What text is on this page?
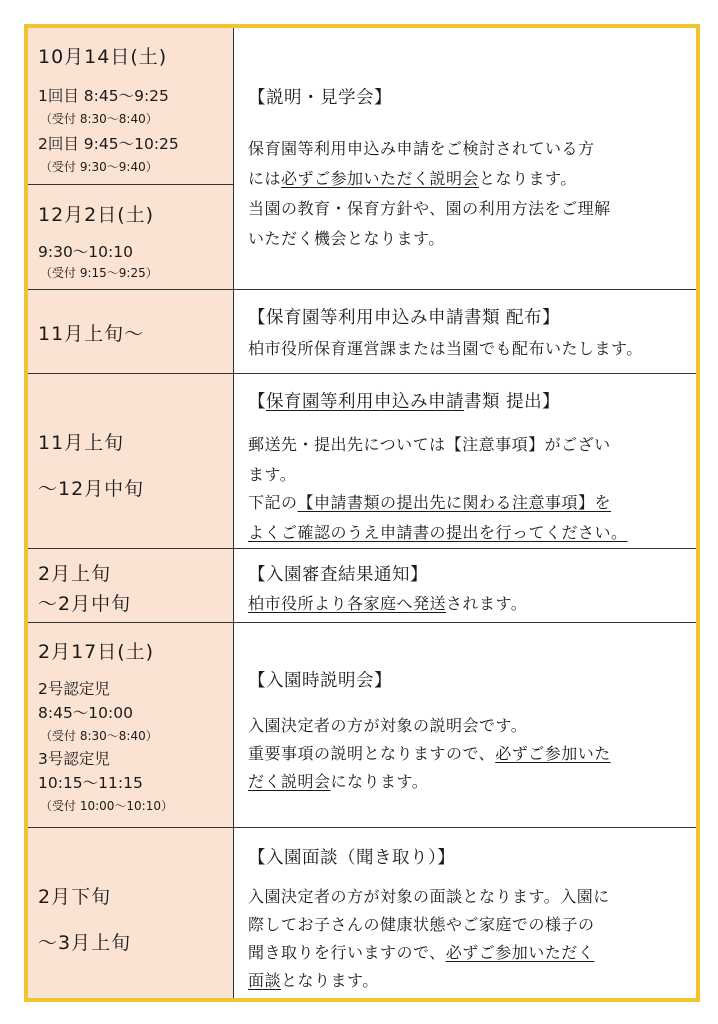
10月14日(土)
1回目 8:45〜9:25
（受付 8:30〜8:40）
2回目 9:45〜10:25
（受付 9:30〜9:40）
12月2日(土)
9:30〜10:10
（受付 9:15〜9:25）
【説明・見学会】
保育園等利用申込み申請をご検討されている方
には必ずご参加いただく説明会となります。
当園の教育・保育方針や、園の利用方法をご理解
いただく機会となります。
11月上旬〜
【保育園等利用申込み申請書類 配布】
柏市役所保育運営課または当園でも配布いたします。
11月上旬
〜12月中旬
【保育園等利用申込み申請書類 提出】
郵送先・提出先については【注意事項】がござい
ます。
下記の【申請書類の提出先に関わる注意事項】を
よくご確認のうえ申請書の提出を行ってください。
2月上旬
〜2月中旬
【入園審査結果通知】
柏市役所より各家庭へ発送されます。
2月17日(土)
2号認定児
8:45〜10:00
（受付 8:30〜8:40）
3号認定児
10:15〜11:15
（受付 10:00〜10:10）
【入園時説明会】
入園決定者の方が対象の説明会です。
重要事項の説明となりますので、必ずご参加いた
だく説明会になります。
2月下旬
〜3月上旬
【入園面談（聞き取り）】
入園決定者の方が対象の面談となります。入園に
際してお子さんの健康状態やご家庭での様子の
聞き取りを行いますので、必ずご参加いただく
面談となります。
